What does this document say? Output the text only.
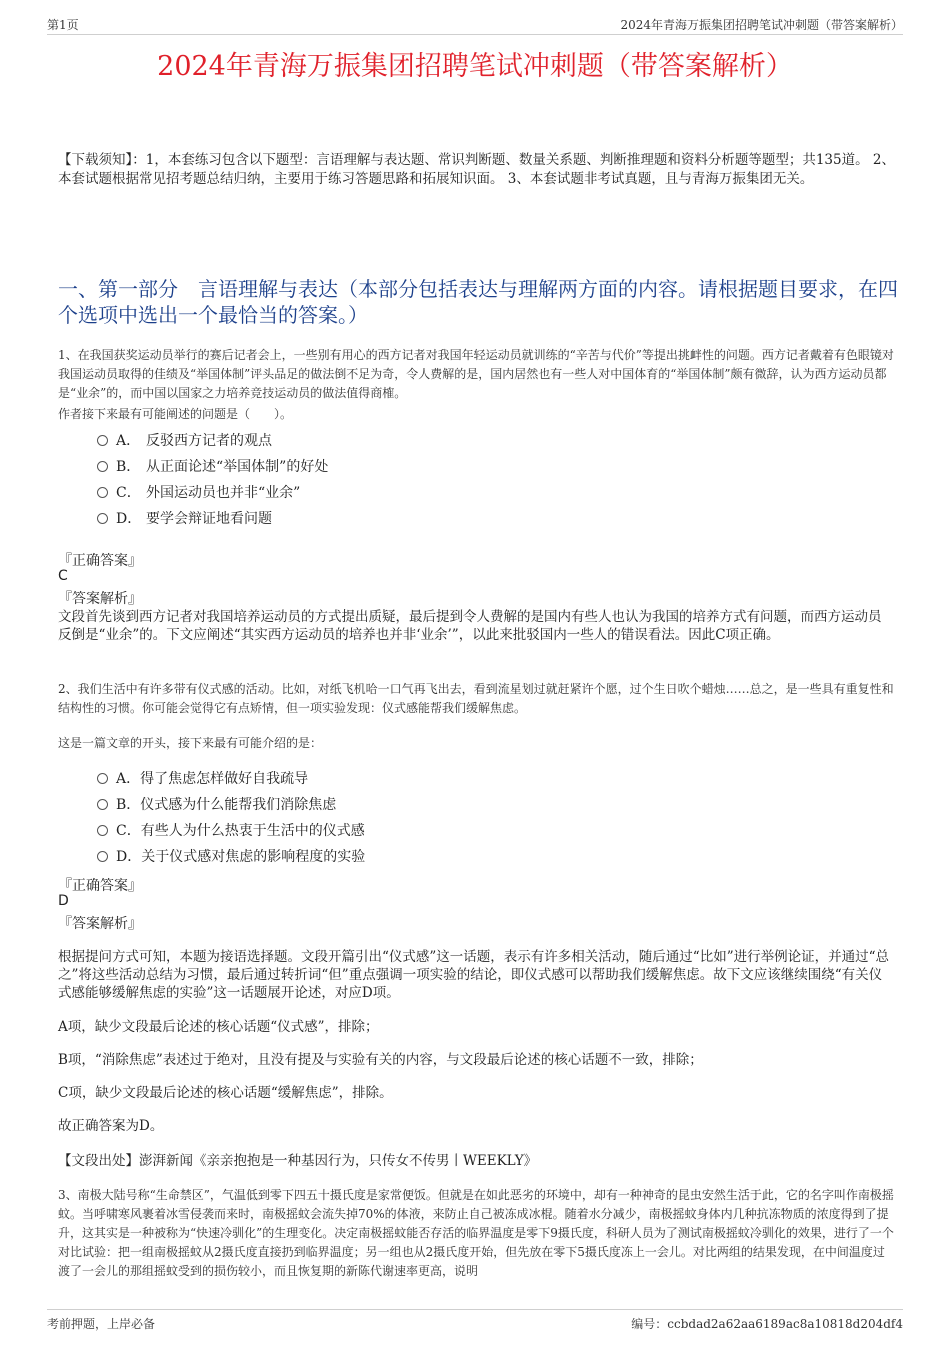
第1页	2024年青海万振集团招聘笔试冲刺题（带答案解析）
2024年青海万振集团招聘笔试冲刺题（带答案解析）
【下载须知】：1，本套练习包含以下题型：言语理解与表达题、常识判断题、数量关系题、判断推理题和资料分析题等题型；共135道。 2、本套试题根据常见招考题总结归纳，主要用于练习答题思路和拓展知识面。 3、本套试题非考试真题，且与青海万振集团无关。
一、第一部分　言语理解与表达（本部分包括表达与理解两方面的内容。请根据题目要求，在四个选项中选出一个最恰当的答案。）
1、在我国获奖运动员举行的赛后记者会上，一些别有用心的西方记者对我国年轻运动员就训练的“辛苦与代价”等提出挑衅性的问题。西方记者戴着有色眼镜对我国运动员取得的佳绩及“举国体制”评头品足的做法倒不足为奇，令人费解的是，国内居然也有一些人对中国体育的“举国体制”颇有微辞，认为西方运动员都是“业余”的，而中国以国家之力培养竞技运动员的做法值得商榷。
作者接下来最有可能阐述的问题是（　　）。
A． 反驳西方记者的观点
B． 从正面论述“举国体制”的好处
C． 外国运动员也并非“业余”
D． 要学会辩证地看问题
『正确答案』
C
『答案解析』
文段首先谈到西方记者对我国培养运动员的方式提出质疑，最后提到令人费解的是国内有些人也认为我国的培养方式有问题，而西方运动员反倒是“业余”的。下文应阐述“其实西方运动员的培养也并非‘业余’”，以此来批驳国内一些人的错误看法。因此C项正确。
2、我们生活中有许多带有仪式感的活动。比如，对纸飞机哈一口气再飞出去，看到流星划过就赶紧许个愿，过个生日吹个蜡烛……总之，是一些具有重复性和结构性的习惯。你可能会觉得它有点矫情，但一项实验发现：仪式感能帮我们缓解焦虑。
这是一篇文章的开头，接下来最有可能介绍的是：
A．得了焦虑怎样做好自我疏导
B．仪式感为什么能帮我们消除焦虑
C．有些人为什么热衷于生活中的仪式感
D．关于仪式感对焦虑的影响程度的实验
『正确答案』
D
『答案解析』
根据提问方式可知，本题为接语选择题。文段开篇引出“仪式感”这一话题，表示有许多相关活动，随后通过“比如”进行举例论证，并通过“总之”将这些活动总结为习惯，最后通过转折词“但”重点强调一项实验的结论，即仪式感可以帮助我们缓解焦虑。故下文应该继续围绕“有关仪式感能够缓解焦虑的实验”这一话题展开论述，对应D项。
A项，缺少文段最后论述的核心话题“仪式感”，排除；
B项，“消除焦虑”表述过于绝对，且没有提及与实验有关的内容，与文段最后论述的核心话题不一致，排除；
C项，缺少文段最后论述的核心话题“缓解焦虑”，排除。
故正确答案为D。
【文段出处】澎湃新闻《亲亲抱抱是一种基因行为，只传女不传男丨WEEKLY》
3、南极大陆号称“生命禁区”，气温低到零下四五十摄氏度是家常便饭。但就是在如此恶劣的环境中，却有一种神奇的昆虫安然生活于此，它的名字叫作南极摇蚊。当呼啸寒风裹着冰雪侵袭而来时，南极摇蚊会流失掉70%的体液，来防止自己被冻成冰棍。随着水分减少，南极摇蚊身体内几种抗冻物质的浓度得到了提升，这其实是一种被称为“快速冷驯化”的生理变化。决定南极摇蚊能否存活的临界温度是零下9摄氏度，科研人员为了测试南极摇蚊冷驯化的效果，进行了一个对比试验：把一组南极摇蚊从2摄氏度直接扔到临界温度；另一组也从2摄氏度开始，但先放在零下5摄氏度冻上一会儿。对比两组的结果发现，在中间温度过渡了一会儿的那组摇蚊受到的损伤较小，而且恢复期的新陈代谢速率更高，说明
考前押题，上岸必备	编号：ccbdad2a62aa6189ac8a10818d204df4
